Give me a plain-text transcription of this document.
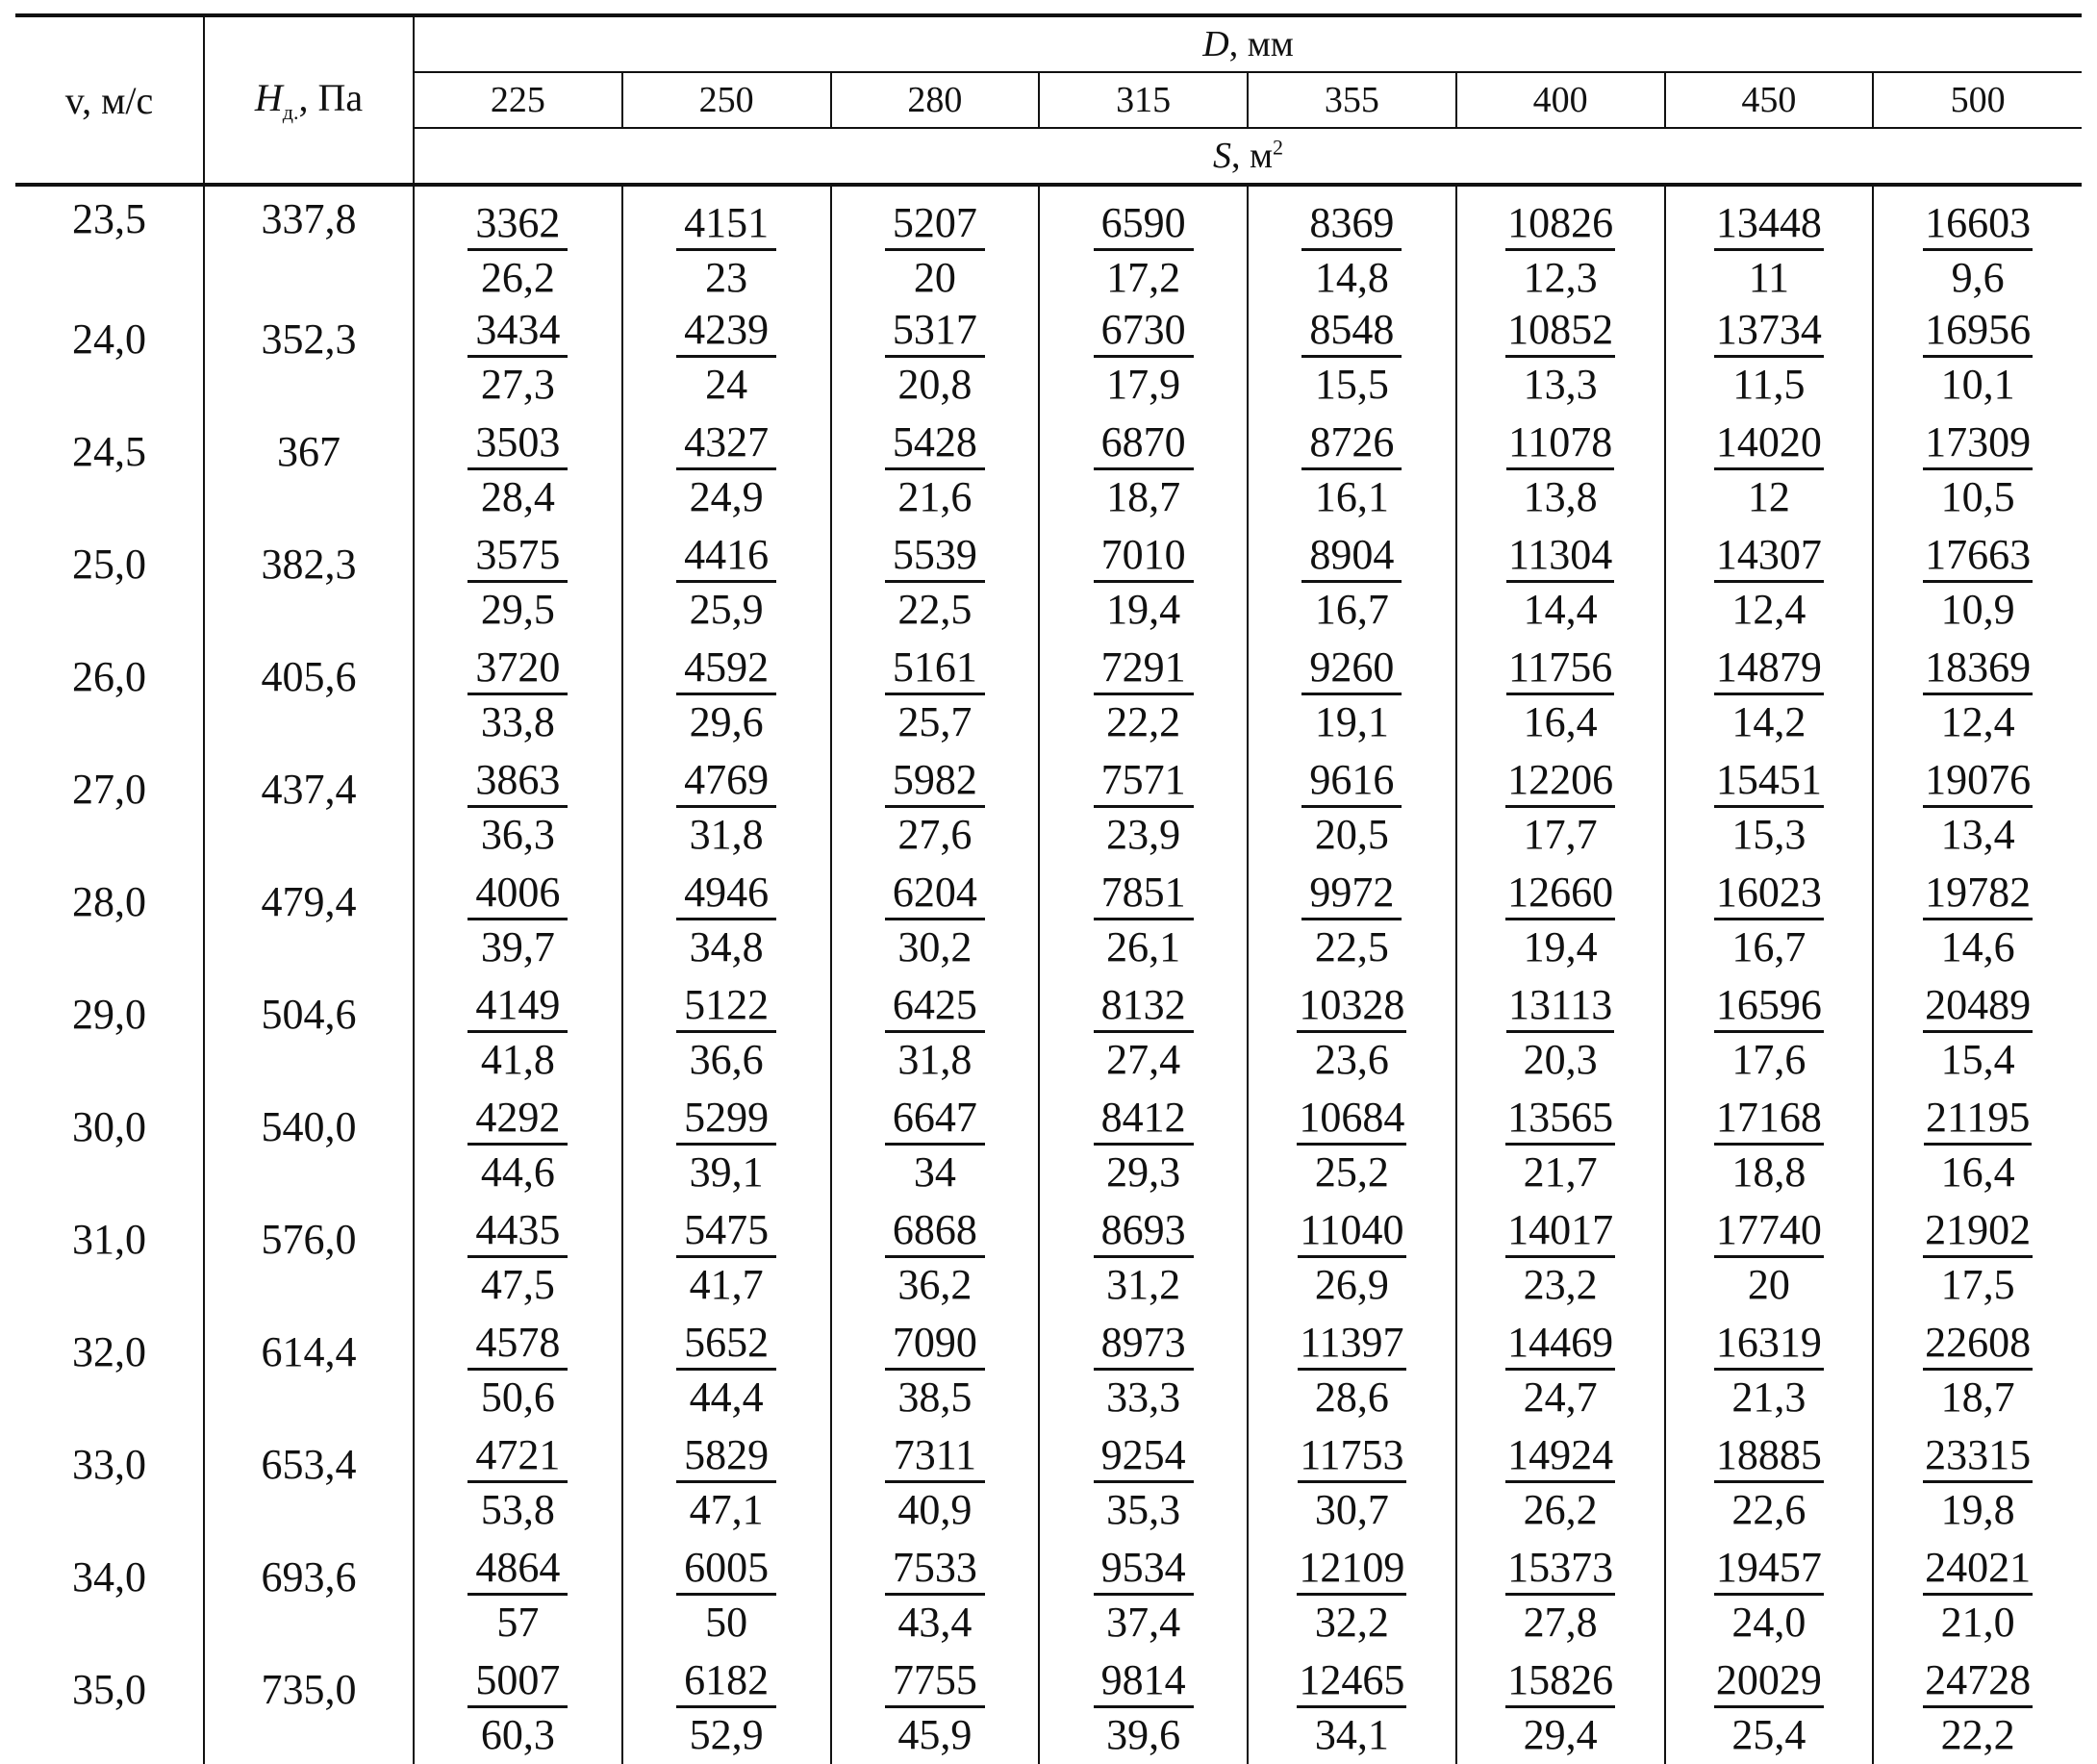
v, м/с	$H_{д.}$, Па	D, мм							
		225	250	280	315	355	400	450	500
		S, $м^2$
23,5	337,8	$\frac{3362}{26,2}$	$\frac{4151}{23}$	$\frac{5207}{20}$	$\frac{6590}{17,2}$	$\frac{8369}{14,8}$	$\frac{10826}{12,3}$	$\frac{13448}{11}$	$\frac{16603}{9,6}$

24,0	352,3	$\frac{3434}{27,3}$	$\frac{4239}{24}$	$\frac{5317}{20,8}$	$\frac{6730}{17,9}$	$\frac{8548}{15,5}$	$\frac{10852}{13,3}$	$\frac{13734}{11,5}$	$\frac{16956}{10,1}$

24,5	367	$\frac{3503}{28,4}$	$\frac{4327}{24,9}$	$\frac{5428}{21,6}$	$\frac{6870}{18,7}$	$\frac{8726}{16,1}$	$\frac{11078}{13,8}$	$\frac{14020}{12}$	$\frac{17309}{10,5}$

25,0	382,3	$\frac{3575}{29,5}$	$\frac{4416}{25,9}$	$\frac{5539}{22,5}$	$\frac{7010}{19,4}$	$\frac{8904}{16,7}$	$\frac{11304}{14,4}$	$\frac{14307}{12,4}$	$\frac{17663}{10,9}$

26,0	405,6	$\frac{3720}{33,8}$	$\frac{4592}{29,6}$	$\frac{5161}{25,7}$	$\frac{7291}{22,2}$	$\frac{9260}{19,1}$	$\frac{11756}{16,4}$	$\frac{14879}{14,2}$	$\frac{18369}{12,4}$

27,0	437,4	$\frac{3863}{36,3}$	$\frac{4769}{31,8}$	$\frac{5982}{27,6}$	$\frac{7571}{23,9}$	$\frac{9616}{20,5}$	$\frac{12206}{17,7}$	$\frac{15451}{15,3}$	$\frac{19076}{13,4}$

28,0	479,4	$\frac{4006}{39,7}$	$\frac{4946}{34,8}$	$\frac{6204}{30,2}$	$\frac{7851}{26,1}$	$\frac{9972}{22,5}$	$\frac{12660}{19,4}$	$\frac{16023}{16,7}$	$\frac{19782}{14,6}$

29,0	504,6	$\frac{4149}{41,8}$	$\frac{5122}{36,6}$	$\frac{6425}{31,8}$	$\frac{8132}{27,4}$	$\frac{10328}{23,6}$	$\frac{13113}{20,3}$	$\frac{16596}{17,6}$	$\frac{20489}{15,4}$

30,0	540,0	$\frac{4292}{44,6}$	$\frac{5299}{39,1}$	$\frac{6647}{34}$	$\frac{8412}{29,3}$	$\frac{10684}{25,2}$	$\frac{13565}{21,7}$	$\frac{17168}{18,8}$	$\frac{21195}{16,4}$

31,0	576,0	$\frac{4435}{47,5}$	$\frac{5475}{41,7}$	$\frac{6868}{36,2}$	$\frac{8693}{31,2}$	$\frac{11040}{26,9}$	$\frac{14017}{23,2}$	$\frac{17740}{20}$	$\frac{21902}{17,5}$

32,0	614,4	$\frac{4578}{50,6}$	$\frac{5652}{44,4}$	$\frac{7090}{38,5}$	$\frac{8973}{33,3}$	$\frac{11397}{28,6}$	$\frac{14469}{24,7}$	$\frac{16319}{21,3}$	$\frac{22608}{18,7}$

33,0	653,4	$\frac{4721}{53,8}$	$\frac{5829}{47,1}$	$\frac{7311}{40,9}$	$\frac{9254}{35,3}$	$\frac{11753}{30,7}$	$\frac{14924}{26,2}$	$\frac{18885}{22,6}$	$\frac{23315}{19,8}$

34,0	693,6	$\frac{4864}{57}$	$\frac{6005}{50}$	$\frac{7533}{43,4}$	$\frac{9534}{37,4}$	$\frac{12109}{32,2}$	$\frac{15373}{27,8}$	$\frac{19457}{24,0}$	$\frac{24021}{21,0}$

35,0	735,0	$\frac{5007}{60,3}$	$\frac{6182}{52,9}$	$\frac{7755}{45,9}$	$\frac{9814}{39,6}$	$\frac{12465}{34,1}$	$\frac{15826}{29,4}$	$\frac{20029}{25,4}$	$\frac{24728}{22,2}$
